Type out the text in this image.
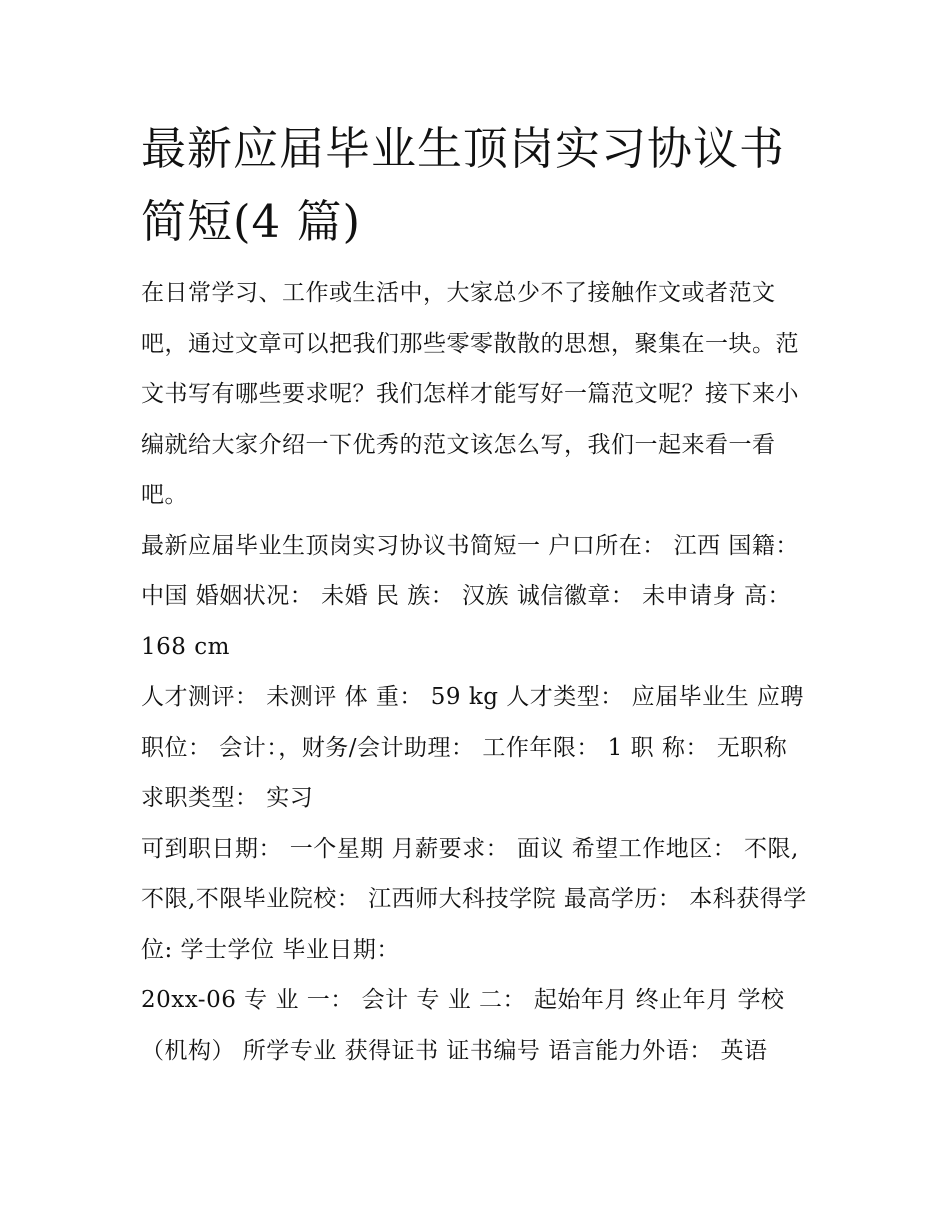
最新应届毕业生顶岗实习协议书简短(4 篇)

在日常学习、工作或生活中，大家总少不了接触作文或者范文吧，通过文章可以把我们那些零零散散的思想，聚集在一块。范文书写有哪些要求呢？我们怎样才能写好一篇范文呢？接下来小编就给大家介绍一下优秀的范文该怎么写，我们一起来看一看吧。

最新应届毕业生顶岗实习协议书简短一 户口所在： 江西 国籍： 中国 婚姻状况： 未婚 民 族： 汉族 诚信徽章： 未申请身 高： 168 cm

人才测评： 未测评 体 重： 59 kg 人才类型： 应届毕业生 应聘职位： 会计：，财务/会计助理： 工作年限： 1 职 称： 无职称 求职类型： 实习

可到职日期： 一个星期 月薪要求： 面议 希望工作地区： 不限,不限,不限毕业院校： 江西师大科技学院 最高学历： 本科获得学位: 学士学位 毕业日期：

20xx-06 专 业 一： 会计 专 业 二： 起始年月 终止年月 学校（机构） 所学专业 获得证书 证书编号 语言能力外语： 英语
